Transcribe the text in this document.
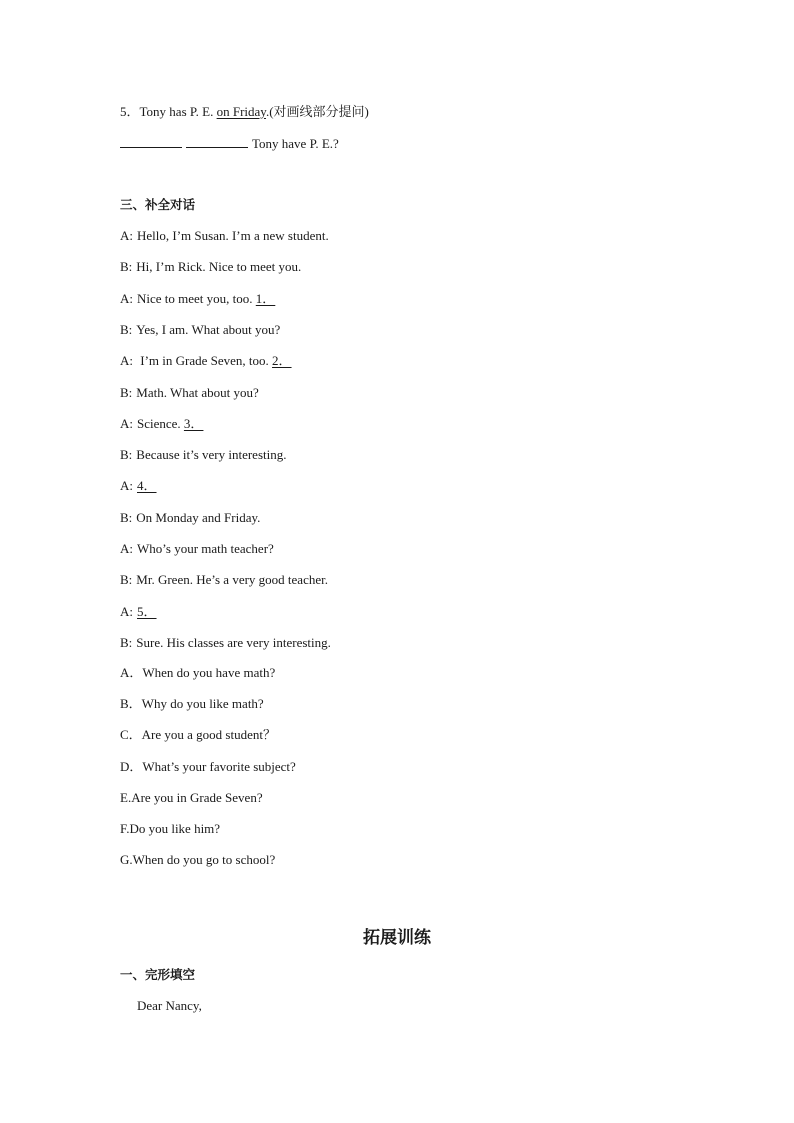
5．Tony has P. E. on Friday.(对画线部分提问)
Tony have P. E.?
三、补全对话
A: Hello, I’m Susan. I’m a new student.
B: Hi, I’m Rick. Nice to meet you.
A: Nice to meet you, too. 1．
B: Yes, I am. What about you?
A: I’m in Grade Seven, too. 2．
B: Math. What about you?
A: Science. 3．
B: Because it’s very interesting.
A: 4．
B: On Monday and Friday.
A: Who’s your math teacher?
B: Mr. Green. He’s a very good teacher.
A: 5．
B: Sure. His classes are very interesting.
A．When do you have math?
B．Why do you like math?
C．Are you a good student？
D．What’s your favorite subject?
E.Are you in Grade Seven?
F.Do you like him?
G.When do you go to school?
拓展训练
一、完形填空
Dear Nancy,
